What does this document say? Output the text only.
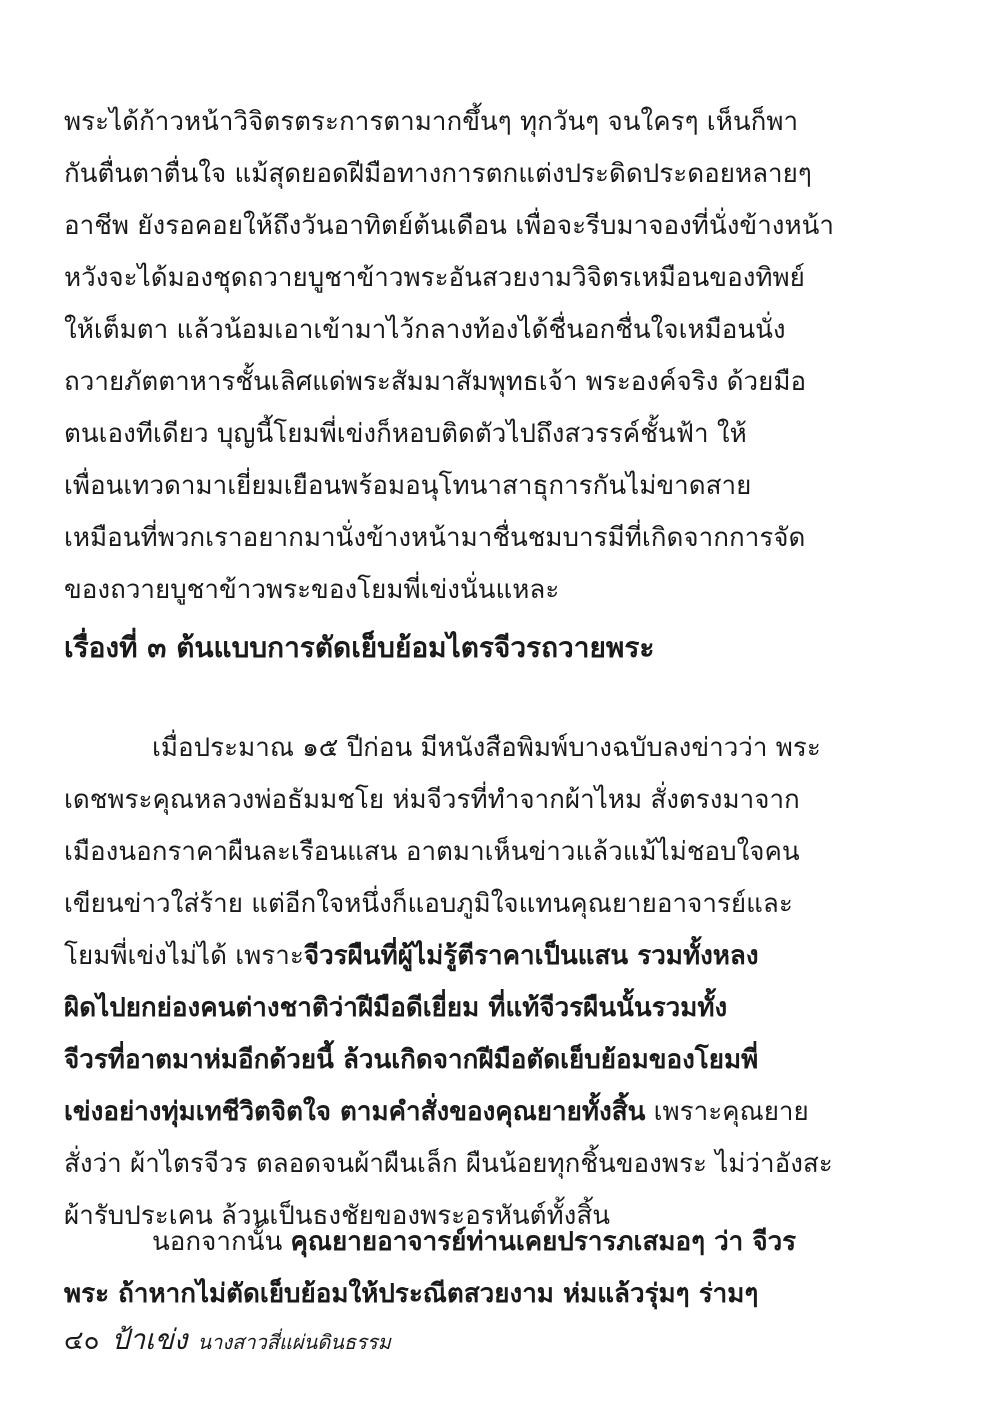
พระได้ก้าวหน้าวิจิตรตระการตามากขึ้นๆ ทุกวันๆ จนใครๆ เห็นก็พา
กันตื่นตาตื่นใจ แม้สุดยอดฝีมือทางการตกแต่งประดิดประดอยหลายๆ
อาชีพ ยังรอคอยให้ถึงวันอาทิตย์ต้นเดือน เพื่อจะรีบมาจองที่นั่งข้างหน้า
หวังจะได้มองชุดถวายบูชาข้าวพระอันสวยงามวิจิตรเหมือนของทิพย์
ให้เต็มตา แล้วน้อมเอาเข้ามาไว้กลางท้องได้ชื่นอกชื่นใจเหมือนนั่ง
ถวายภัตตาหารชั้นเลิศแด่พระสัมมาสัมพุทธเจ้า พระองค์จริง ด้วยมือ
ตนเองทีเดียว บุญนี้โยมพี่เข่งก็หอบติดตัวไปถึงสวรรค์ชั้นฟ้า ให้
เพื่อนเทวดามาเยี่ยมเยือนพร้อมอนุโทนาสาธุการกันไม่ขาดสาย
เหมือนที่พวกเราอยากมานั่งข้างหน้ามาชื่นชมบารมีที่เกิดจากการจัด
ของถวายบูชาข้าวพระของโยมพี่เข่งนั่นแหละ
เรื่องที่ ๓ ต้นแบบการตัดเย็บย้อมไตรจีวรถวายพระ
เมื่อประมาณ ๑๕ ปีก่อน มีหนังสือพิมพ์บางฉบับลงข่าวว่า พระ
เดชพระคุณหลวงพ่อธัมมชโย ห่มจีวรที่ทำจากผ้าไหม สั่งตรงมาจาก
เมืองนอกราคาผืนละเรือนแสน อาตมาเห็นข่าวแล้วแม้ไม่ชอบใจคน
เขียนข่าวใส่ร้าย แต่อีกใจหนึ่งก็แอบภูมิใจแทนคุณยายอาจารย์และ
โยมพี่เข่งไม่ได้ เพราะจีวรผืนที่ผู้ไม่รู้ตีราคาเป็นแสน รวมทั้งหลง
ผิดไปยกย่องคนต่างชาติว่าฝีมือดีเยี่ยม ที่แท้จีวรผืนนั้นรวมทั้ง
จีวรที่อาตมาห่มอีกด้วยนี้ ล้วนเกิดจากฝีมือตัดเย็บย้อมของโยมพี่
เข่งอย่างทุ่มเทชีวิตจิตใจ ตามคำสั่งของคุณยายทั้งสิ้น เพราะคุณยาย
สั่งว่า ผ้าไตรจีวร ตลอดจนผ้าผืนเล็ก ผืนน้อยทุกชิ้นของพระ ไม่ว่าอังสะ
ผ้ารับประเคน ล้วนเป็นธงชัยของพระอรหันต์ทั้งสิ้น
นอกจากนั้น คุณยายอาจารย์ท่านเคยปรารภเสมอๆ ว่า จีวร
พระ ถ้าหากไม่ตัดเย็บย้อมให้ประณีตสวยงาม ห่มแล้วรุ่มๆ ร่ามๆ
๔๐ ป้าเข่ง นางสาวสี่แผ่นดินธรรม
